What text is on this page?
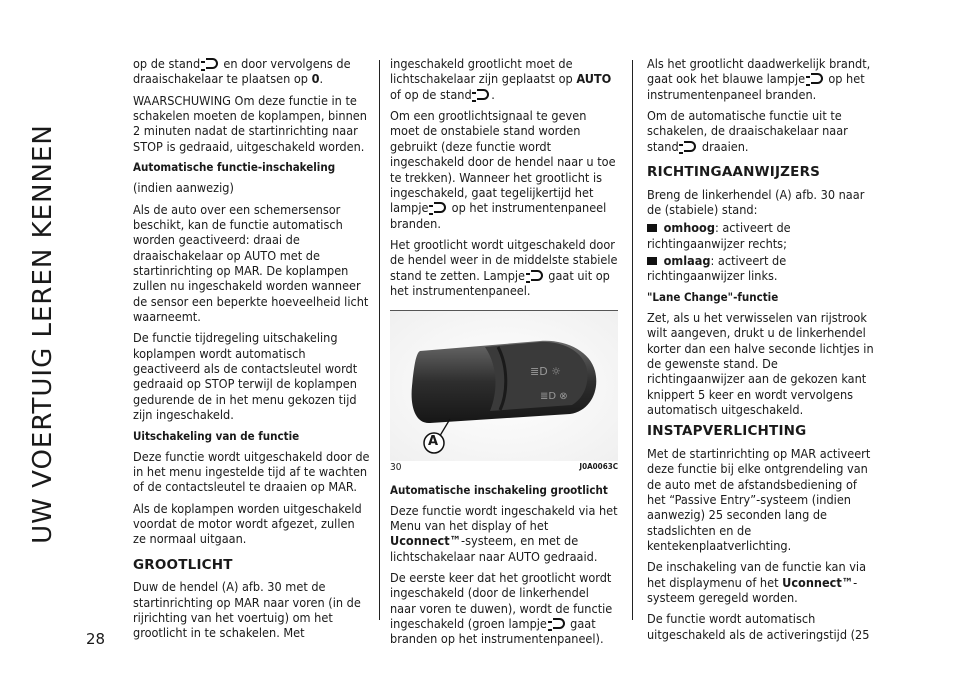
UW VOERTUIG LEREN KENNEN
28

op de stand en door vervolgens de draaischakelaar te plaatsen op 0.

WAARSCHUWING Om deze functie in te schakelen moeten de koplampen, binnen 2 minuten nadat de startinrichting naar STOP is gedraaid, uitgeschakeld worden.

Automatische functie-inschakeling

(indien aanwezig)

Als de auto over een schemersensor beschikt, kan de functie automatisch worden geactiveerd: draai de draaischakelaar op AUTO met de startinrichting op MAR. De koplampen zullen nu ingeschakeld worden wanneer de sensor een beperkte hoeveelheid licht waarneemt.

De functie tijdregeling uitschakeling koplampen wordt automatisch geactiveerd als de contactsleutel wordt gedraaid op STOP terwijl de koplampen gedurende de in het menu gekozen tijd zijn ingeschakeld.

Uitschakeling van de functie

Deze functie wordt uitgeschakeld door de in het menu ingestelde tijd af te wachten of de contactsleutel te draaien op MAR.

Als de koplampen worden uitgeschakeld voordat de motor wordt afgezet, zullen ze normaal uitgaan.

GROOTLICHT

Duw de hendel (A) afb. 30 met de startinrichting op MAR naar voren (in de rijrichting van het voertuig) om het grootlicht in te schakelen. Met

ingeschakeld grootlicht moet de lichtschakelaar zijn geplaatst op AUTO of op de stand .

Om een grootlichtsignaal te geven moet de onstabiele stand worden gebruikt (deze functie wordt ingeschakeld door de hendel naar u toe te trekken). Wanneer het grootlicht is ingeschakeld, gaat tegelijkertijd het lampje op het instrumentenpaneel branden.

Het grootlicht wordt uitgeschakeld door de hendel weer in de middelste stabiele stand te zetten. Lampje gaat uit op het instrumentenpaneel.

≣D ☼
≣D ⊗
A
30	J0A0063C

Automatische inschakeling grootlicht

Deze functie wordt ingeschakeld via het Menu van het display of het Uconnect™-systeem, en met de lichtschakelaar naar AUTO gedraaid.

De eerste keer dat het grootlicht wordt ingeschakeld (door de linkerhendel naar voren te duwen), wordt de functie ingeschakeld (groen lampje gaat branden op het instrumentenpaneel).

Als het grootlicht daadwerkelijk brandt, gaat ook het blauwe lampje op het instrumentenpaneel branden.

Om de automatische functie uit te schakelen, de draaischakelaar naar stand draaien.

RICHTINGAANWIJZERS

Breng de linkerhendel (A) afb. 30 naar de (stabiele) stand:

omhoog: activeert de richtingaanwijzer rechts;

omlaag: activeert de richtingaanwijzer links.

"Lane Change"-functie

Zet, als u het verwisselen van rijstrook wilt aangeven, drukt u de linkerhendel korter dan een halve seconde lichtjes in de gewenste stand. De richtingaanwijzer aan de gekozen kant knippert 5 keer en wordt vervolgens automatisch uitgeschakeld.

INSTAPVERLICHTING

Met de startinrichting op MAR activeert deze functie bij elke ontgrendeling van de auto met de afstandsbediening of het “Passive Entry”-systeem (indien aanwezig) 25 seconden lang de stadslichten en de kentekenplaatverlichting.

De inschakeling van de functie kan via het displaymenu of het Uconnect™-systeem geregeld worden.

De functie wordt automatisch uitgeschakeld als de activeringstijd (25
